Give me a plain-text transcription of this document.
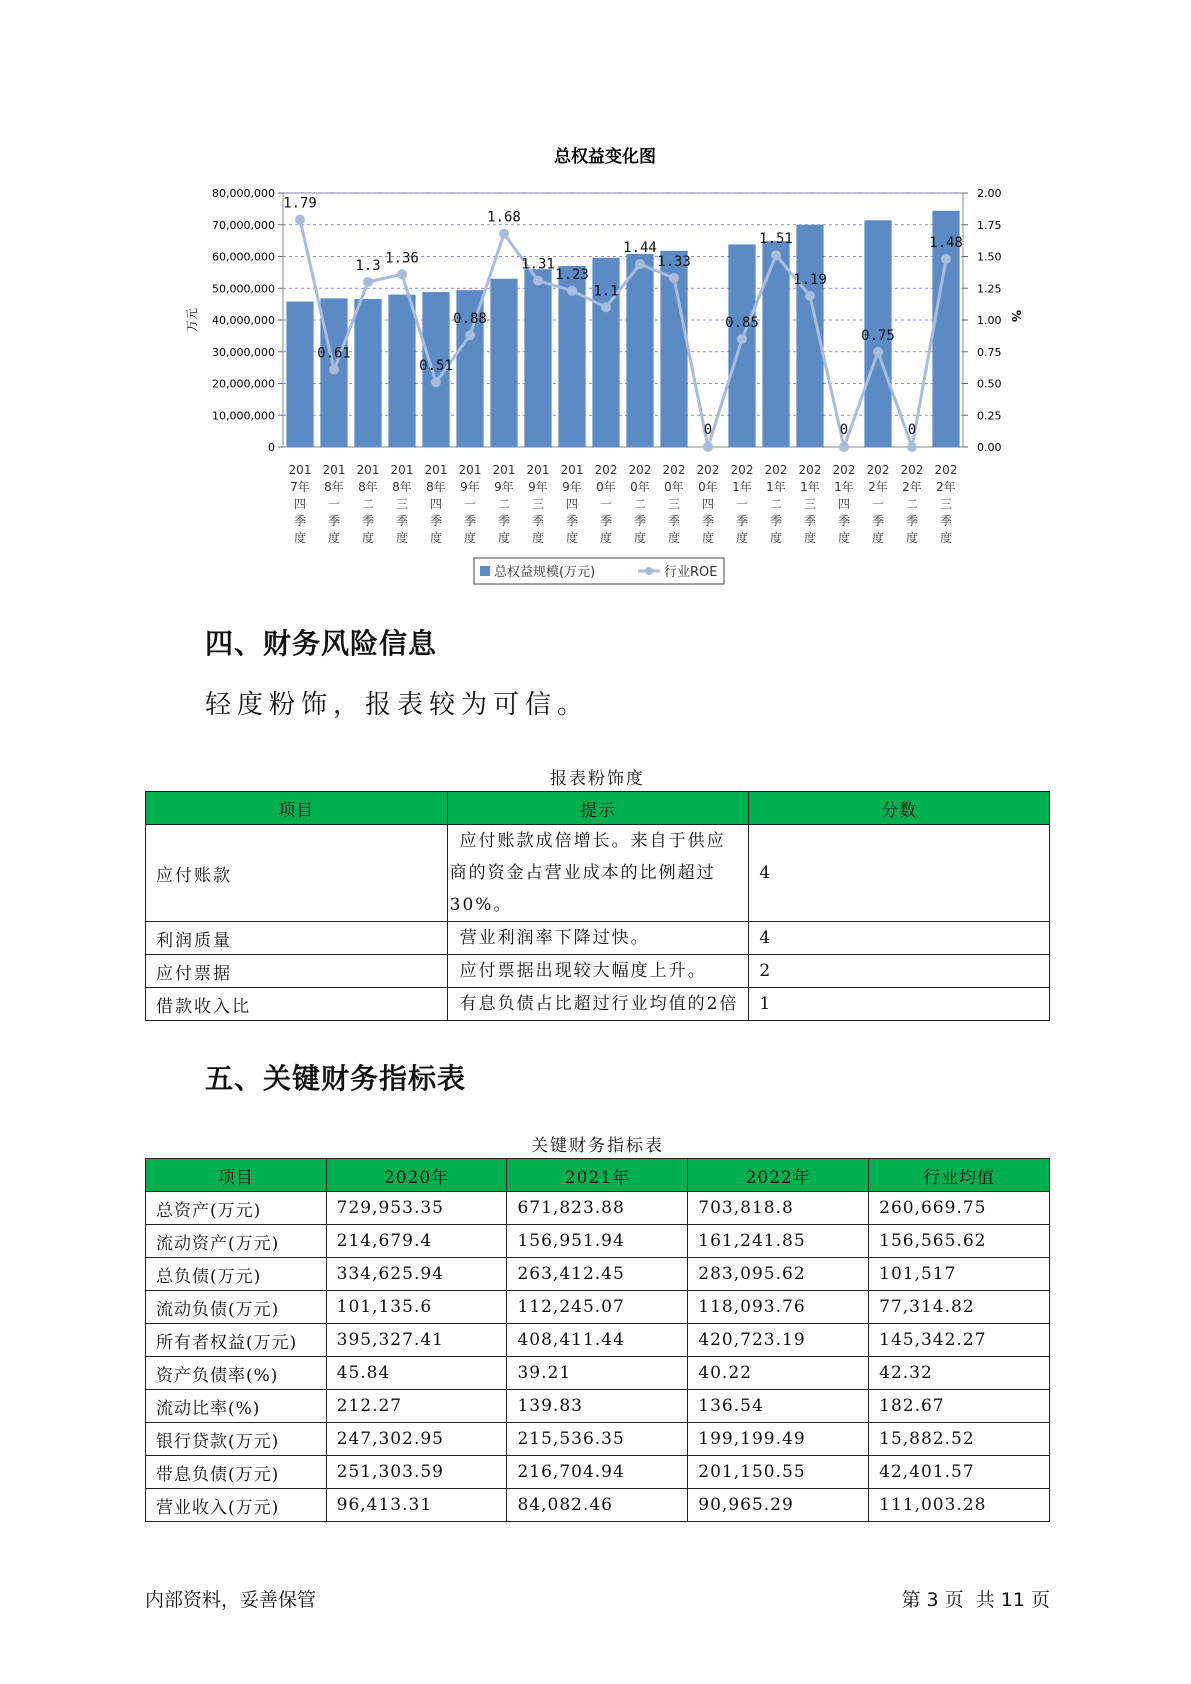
总权益变化图
0
10,000,000
20,000,000
30,000,000
40,000,000
50,000,000
60,000,000
70,000,000
80,000,000
0.00
0.25
0.50
0.75
1.00
1.25
1.50
1.75
2.00
万元	%
201
7年
四
季
度
201
8年
一
季
度
201
8年
二
季
度
201
8年
三
季
度
201
8年
四
季
度
201
9年
一
季
度
201
9年
二
季
度
201
9年
三
季
度
201
9年
四
季
度
202
0年
一
季
度
202
0年
二
季
度
202
0年
三
季
度
202
0年
四
季
度
202
1年
一
季
度
202
1年
二
季
度
202
1年
三
季
度
202
1年
四
季
度
202
2年
一
季
度
202
2年
二
季
度
202
2年
三
季
度
1.79
0.61
1.3 1.36
0.51
0.88
1.68
1.31
1.23
1.1
1.44
1.33
0
0.85
1.51
1.19
0
0.75
0
1.48
总权益规模(万元)	行业ROE
四、财务风险信息

轻度粉饰，报表较为可信。

报表粉饰度
项目	提示	分数
应付账款	应付账款成倍增长。来自于供应
商的资金占营业成本的比例超过
30%。	4
利润质量	营业利润率下降过快。	4
应付票据	应付票据出现较大幅度上升。	2
借款收入比	有息负债占比超过行业均值的2倍	1
五、关键财务指标表
关键财务指标表
项目	2020年	2021年	2022年	行业均值
总资产(万元)	729,953.35	671,823.88	703,818.8	260,669.75
流动资产(万元)	214,679.4	156,951.94	161,241.85	156,565.62
总负债(万元)	334,625.94	263,412.45	283,095.62	101,517
流动负债(万元)	101,135.6	112,245.07	118,093.76	77,314.82
所有者权益(万元)	395,327.41	408,411.44	420,723.19	145,342.27
资产负债率(%)	45.84	39.21	40.22	42.32
流动比率(%)	212.27	139.83	136.54	182.67
银行贷款(万元)	247,302.95	215,536.35	199,199.49	15,882.52
带息负债(万元)	251,303.59	216,704.94	201,150.55	42,401.57
营业收入(万元)	96,413.31	84,082.46	90,965.29	111,003.28
内部资料，妥善保管	第 3 页  共 11 页
